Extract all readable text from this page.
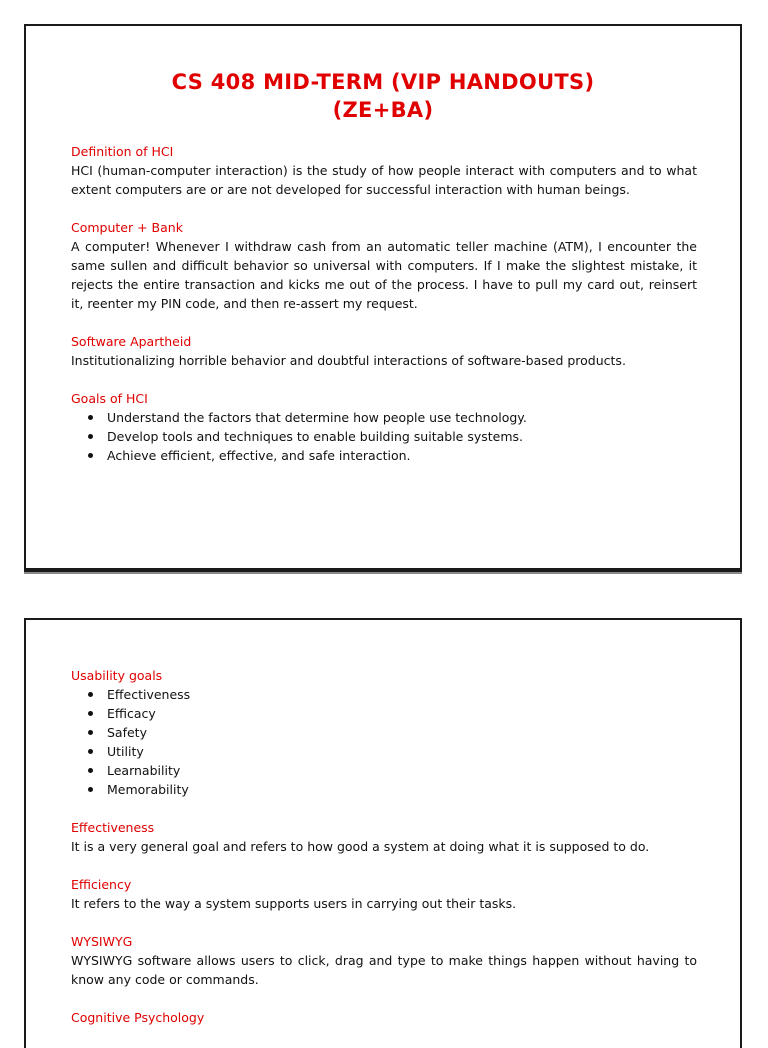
CS 408 MID-TERM (VIP HANDOUTS)
(ZE+BA)

Definition of HCI

HCI (human-computer interaction) is the study of how people interact with computers and to what extent computers are or are not developed for successful interaction with human beings.

Computer + Bank

A computer! Whenever I withdraw cash from an automatic teller machine (ATM), I encounter the same sullen and difficult behavior so universal with computers. If I make the slightest mistake, it rejects the entire transaction and kicks me out of the process. I have to pull my card out, reinsert it, reenter my PIN code, and then re-assert my request.

Software Apartheid

Institutionalizing horrible behavior and doubtful interactions of software-based products.

Goals of HCI

Understand the factors that determine how people use technology.
Develop tools and techniques to enable building suitable systems.
Achieve efficient, effective, and safe interaction.

Usability goals

Effectiveness
Efficacy
Safety
Utility
Learnability
Memorability

Effectiveness

It is a very general goal and refers to how good a system at doing what it is supposed to do.

Efficiency

It refers to the way a system supports users in carrying out their tasks.

WYSIWYG

WYSIWYG software allows users to click, drag and type to make things happen without having to know any code or commands.

Cognitive Psychology
